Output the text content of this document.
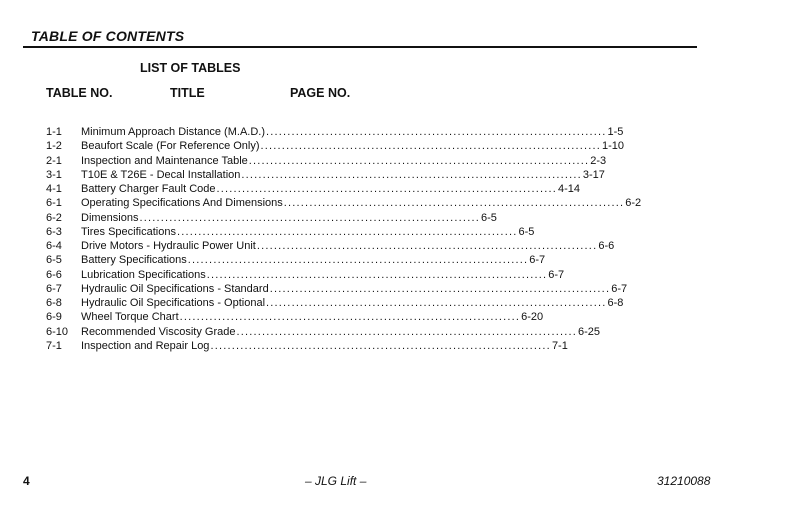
TABLE OF CONTENTS
LIST OF TABLES
TABLE NO.	TITLE	PAGE NO.
1-1	Minimum Approach Distance (M.A.D.) ................................................................................ 1-5
1-2	Beaufort Scale (For Reference Only) ................................................................................ 1-10
2-1	Inspection and Maintenance Table ................................................................................ 2-3
3-1	T10E & T26E - Decal Installation ................................................................................ 3-17
4-1	Battery Charger Fault Code ................................................................................ 4-14
6-1	Operating Specifications And Dimensions ................................................................................ 6-2
6-2	Dimensions ................................................................................ 6-5
6-3	Tires Specifications ................................................................................ 6-5
6-4	Drive Motors - Hydraulic Power Unit ................................................................................ 6-6
6-5	Battery Specifications ................................................................................ 6-7
6-6	Lubrication Specifications ................................................................................ 6-7
6-7	Hydraulic Oil Specifications - Standard ................................................................................ 6-7
6-8	Hydraulic Oil Specifications - Optional ................................................................................ 6-8
6-9	Wheel Torque Chart ................................................................................ 6-20
6-10	Recommended Viscosity Grade ................................................................................ 6-25
7-1	Inspection and Repair Log ................................................................................ 7-1
4	– JLG Lift –	31210088
